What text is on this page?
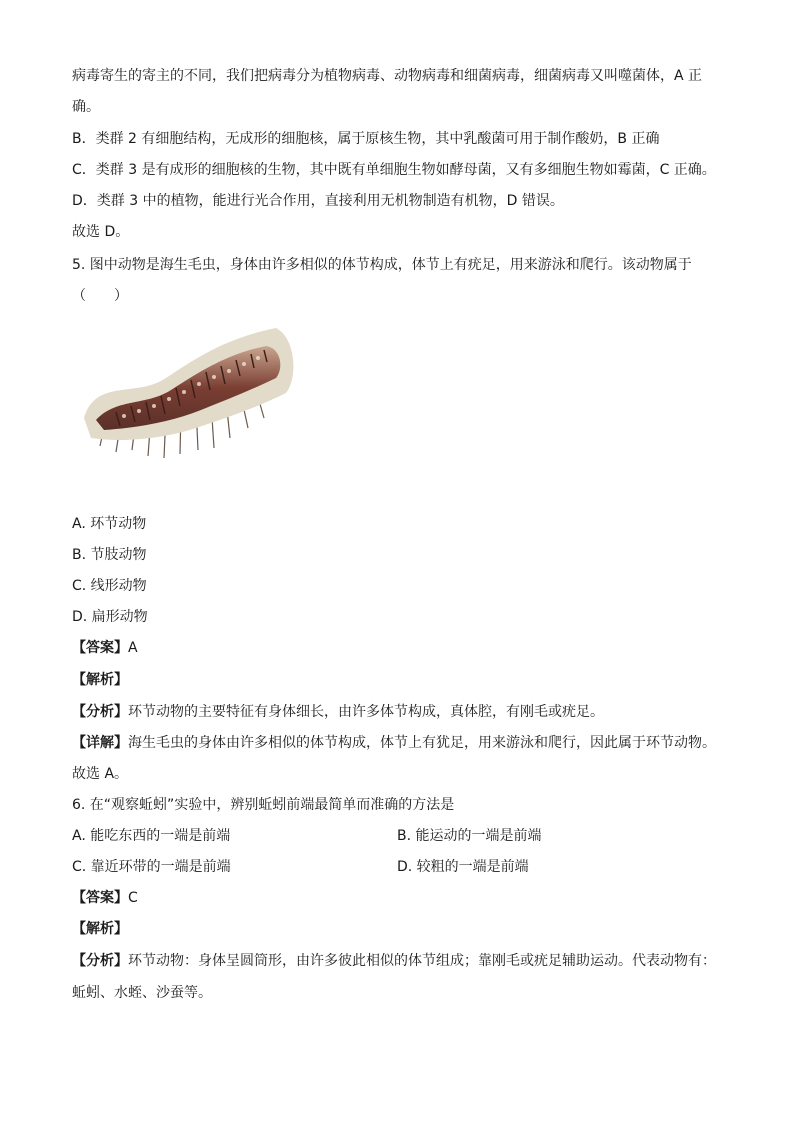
病毒寄生的寄主的不同，我们把病毒分为植物病毒、动物病毒和细菌病毒，细菌病毒又叫噬菌体，A 正
确。
B．类群 2 有细胞结构，无成形的细胞核，属于原核生物，其中乳酸菌可用于制作酸奶，B 正确
C．类群 3 是有成形的细胞核的生物，其中既有单细胞生物如酵母菌，又有多细胞生物如霉菌，C 正确。
D．类群 3 中的植物，能进行光合作用，直接利用无机物制造有机物，D 错误。
故选 D。
5. 图中动物是海生毛虫，身体由许多相似的体节构成，体节上有疣足，用来游泳和爬行。该动物属于
（　　）
A. 环节动物
B. 节肢动物
C. 线形动物
D. 扁形动物
【答案】A
【解析】
【分析】环节动物的主要特征有身体细长，由许多体节构成，真体腔，有刚毛或疣足。
【详解】海生毛虫的身体由许多相似的体节构成，体节上有犹足，用来游泳和爬行，因此属于环节动物。
故选 A。
6. 在“观察蚯蚓”实验中，辨别蚯蚓前端最简单而准确的方法是
A. 能吃东西的一端是前端	B. 能运动的一端是前端
C. 靠近环带的一端是前端	D. 较粗的一端是前端
【答案】C
【解析】
【分析】环节动物：身体呈圆筒形，由许多彼此相似的体节组成；靠刚毛或疣足辅助运动。代表动物有：
蚯蚓、水蛭、沙蚕等。
